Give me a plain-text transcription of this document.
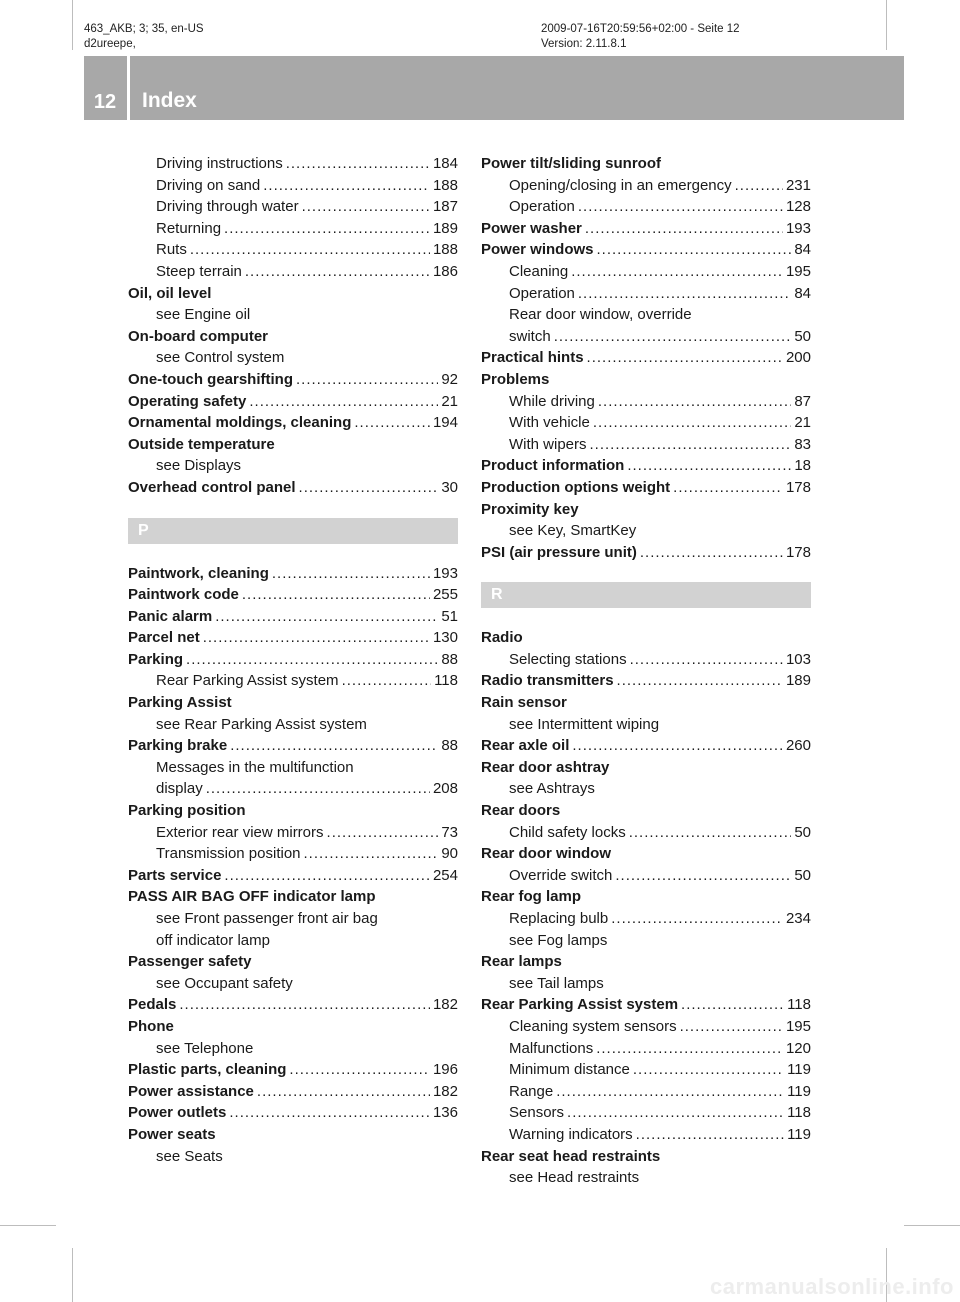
463_AKB; 3; 35, en-US
d2ureepe,
2009-07-16T20:59:56+02:00 - Seite 12
Version: 2.11.8.1
12	Index
Driving instructions .....	184
Driving on sand .....	188
Driving through water .....	187
Returning .....	189
Ruts .....	188
Steep terrain .....	186
Oil, oil level
see Engine oil
On-board computer
see Control system
One-touch gearshifting .....	92
Operating safety .....	21
Ornamental moldings, cleaning .....	194
Outside temperature
see Displays
Overhead control panel .....	30
P
Paintwork, cleaning .....	193
Paintwork code .....	255
Panic alarm .....	51
Parcel net .....	130
Parking .....	88
Rear Parking Assist system .....	118
Parking Assist
see Rear Parking Assist system
Parking brake .....	88
Messages in the multifunction
display .....	208
Parking position
Exterior rear view mirrors .....	73
Transmission position .....	90
Parts service .....	254
PASS AIR BAG OFF indicator lamp
see Front passenger front air bag
off indicator lamp
Passenger safety
see Occupant safety
Pedals .....	182
Phone
see Telephone
Plastic parts, cleaning .....	196
Power assistance .....	182
Power outlets .....	136
Power seats
see Seats
Power tilt/sliding sunroof
Opening/closing in an emergency .....	231
Operation .....	128
Power washer .....	193
Power windows .....	84
Cleaning .....	195
Operation .....	84
Rear door window, override
switch .....	50
Practical hints .....	200
Problems
While driving .....	87
With vehicle .....	21
With wipers .....	83
Product information .....	18
Production options weight .....	178
Proximity key
see Key, SmartKey
PSI (air pressure unit) .....	178
R
Radio
Selecting stations .....	103
Radio transmitters .....	189
Rain sensor
see Intermittent wiping
Rear axle oil .....	260
Rear door ashtray
see Ashtrays
Rear doors
Child safety locks .....	50
Rear door window
Override switch .....	50
Rear fog lamp
Replacing bulb .....	234
see Fog lamps
Rear lamps
see Tail lamps
Rear Parking Assist system .....	118
Cleaning system sensors .....	195
Malfunctions .....	120
Minimum distance .....	119
Range .....	119
Sensors .....	118
Warning indicators .....	119
Rear seat head restraints
see Head restraints
carmanualsonline.info
